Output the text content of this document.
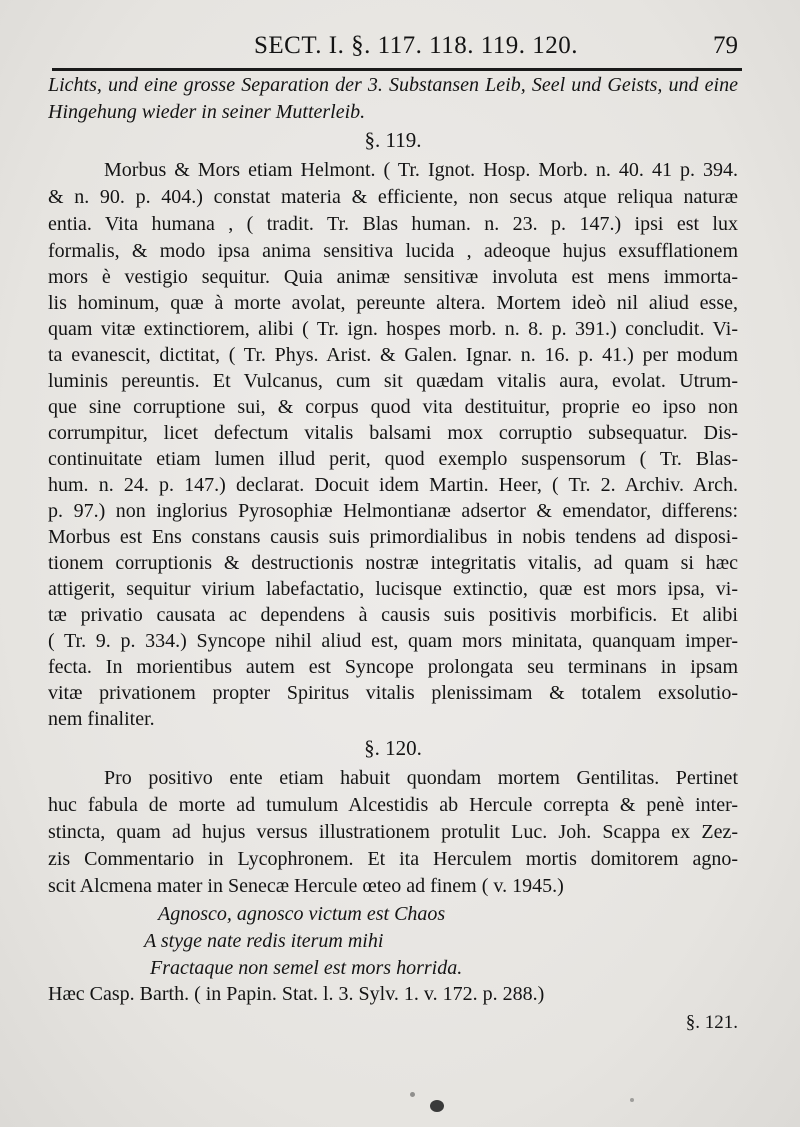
SECT. I. §. 117. 118. 119. 120.	79
Lichts, und eine grosse Separation der 3. Substansen Leib, Seel und Geists, und eine
Hingehung wieder in seiner Mutterleib.
§. 119.
Morbus & Mors etiam Helmont. ( Tr. Ignot. Hosp. Morb. n. 40. 41 p. 394.
& n. 90. p. 404.) constat materia & efficiente, non secus atque reliqua naturæ
entia. Vita humana , ( tradit. Tr. Blas human. n. 23. p. 147.) ipsi est lux
formalis, & modo ipsa anima sensitiva lucida , adeoque hujus exsufflationem
mors è vestigio sequitur. Quia animæ sensitivæ involuta est mens immorta-
lis hominum, quæ à morte avolat, pereunte altera. Mortem ideò nil aliud esse,
quam vitæ extinctiorem, alibi ( Tr. ign. hospes morb. n. 8. p. 391.) concludit. Vi-
ta evanescit, dictitat, ( Tr. Phys. Arist. & Galen. Ignar. n. 16. p. 41.) per modum
luminis pereuntis. Et Vulcanus, cum sit quædam vitalis aura, evolat. Utrum-
que sine corruptione sui, & corpus quod vita destituitur, proprie eo ipso non
corrumpitur, licet defectum vitalis balsami mox corruptio subsequatur. Dis-
continuitate etiam lumen illud perit, quod exemplo suspensorum ( Tr. Blas-
hum. n. 24. p. 147.) declarat. Docuit idem Martin. Heer, ( Tr. 2. Archiv. Arch.
p. 97.) non inglorius Pyrosophiæ Helmontianæ adsertor & emendator, differens:
Morbus est Ens constans causis suis primordialibus in nobis tendens ad disposi-
tionem corruptionis & destructionis nostræ integritatis vitalis, ad quam si hæc
attigerit, sequitur virium labefactatio, lucisque extinctio, quæ est mors ipsa, vi-
tæ privatio causata ac dependens à causis suis positivis morbificis. Et alibi
( Tr. 9. p. 334.) Syncope nihil aliud est, quam mors minitata, quanquam imper-
fecta. In morientibus autem est Syncope prolongata seu terminans in ipsam
vitæ privationem propter Spiritus vitalis plenissimam & totalem exsolutio-
nem finaliter.
§. 120.
Pro positivo ente etiam habuit quondam mortem Gentilitas. Pertinet
huc fabula de morte ad tumulum Alcestidis ab Hercule correpta & penè inter-
stincta, quam ad hujus versus illustrationem protulit Luc. Joh. Scappa ex Zez-
zis Commentario in Lycophronem. Et ita Herculem mortis domitorem agno-
scit Alcmena mater in Senecæ Hercule œteo ad finem ( v. 1945.)
Agnosco, agnosco victum est Chaos
A styge nate redis iterum mihi
Fractaque non semel est mors horrida.
Hæc Casp. Barth. ( in Papin. Stat. l. 3. Sylv. 1. v. 172. p. 288.)
§. 121.
